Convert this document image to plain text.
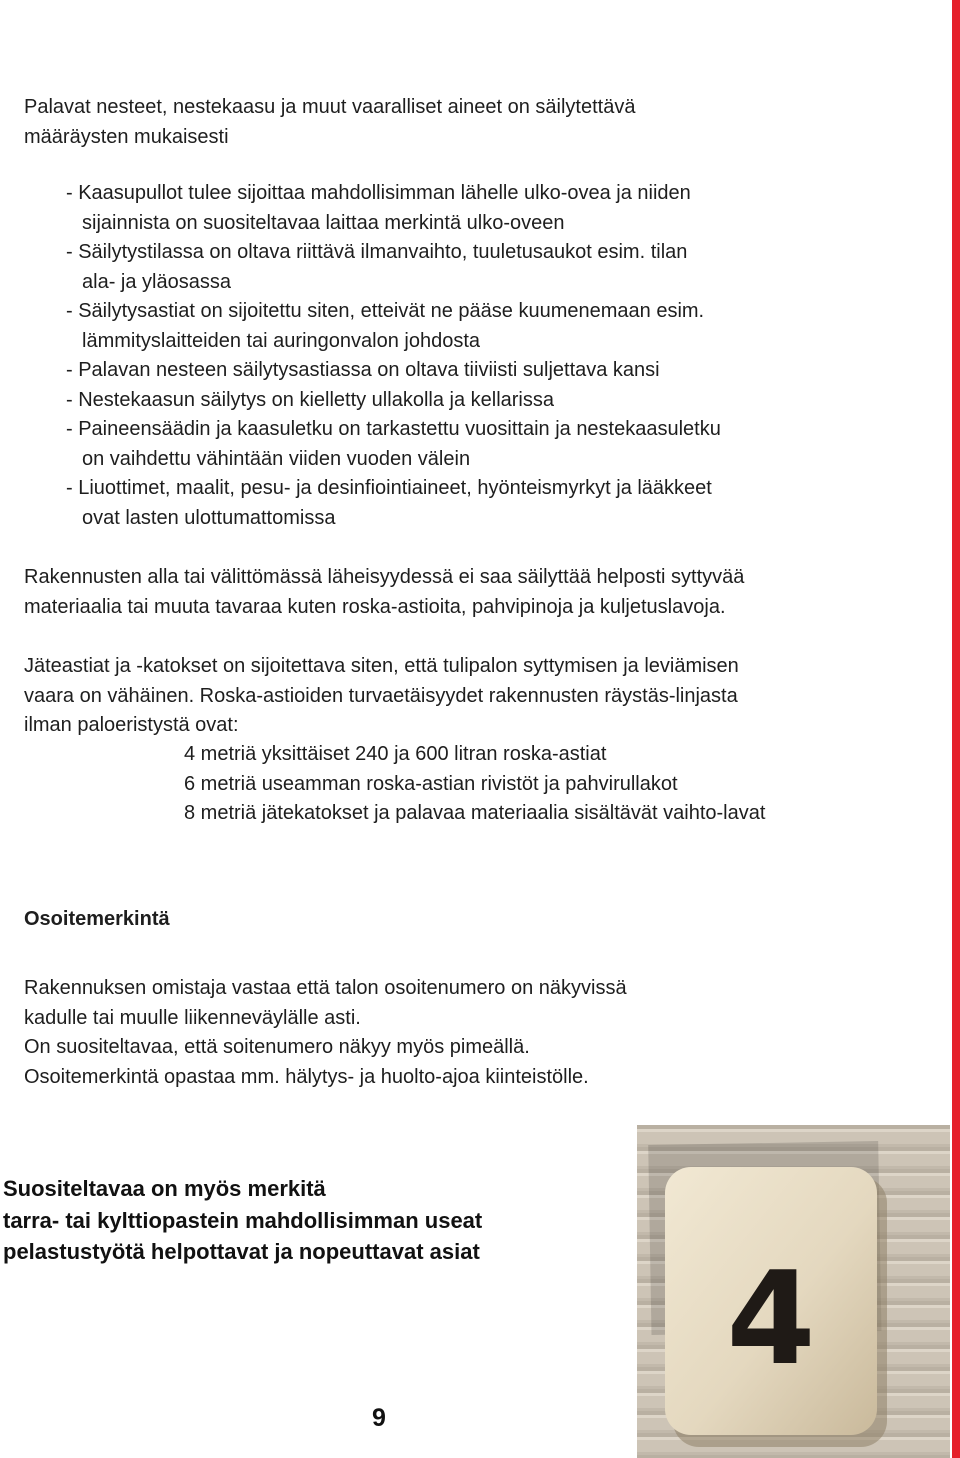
Palavat nesteet, nestekaasu ja muut vaaralliset aineet on säilytettävä

määräysten mukaisesti

- Kaasupullot tulee sijoittaa mahdollisimman lähelle ulko-ovea ja niiden
sijainnista on suositeltavaa laittaa merkintä ulko-oveen
- Säilytystilassa on oltava riittävä ilmanvaihto, tuuletusaukot esim. tilan
ala- ja yläosassa
- Säilytysastiat on sijoitettu siten, etteivät ne pääse kuumenemaan esim.
lämmityslaitteiden tai auringonvalon johdosta
- Palavan nesteen säilytysastiassa on oltava tiiviisti suljettava kansi
- Nestekaasun säilytys on kielletty ullakolla ja kellarissa
- Paineensäädin ja kaasuletku on tarkastettu vuosittain ja nestekaasuletku
on vaihdettu vähintään viiden vuoden välein
- Liuottimet, maalit, pesu- ja desinfiointiaineet, hyönteismyrkyt ja lääkkeet
ovat lasten ulottumattomissa

Rakennusten alla tai välittömässä läheisyydessä ei saa säilyttää helposti syttyvää
materiaalia tai muuta tavaraa kuten roska-astioita, pahvipinoja ja kuljetuslavoja.

Jäteastiat ja -katokset on sijoitettava siten, että tulipalon syttymisen ja leviämisen
vaara on vähäinen. Roska-astioiden turvaetäisyydet rakennusten räystäs-linjasta
ilman paloeristystä ovat:

4 metriä yksittäiset 240 ja 600 litran roska-astiat
6 metriä useamman roska-astian rivistöt ja pahvirullakot
8 metriä jätekatokset ja palavaa materiaalia sisältävät vaihto-lavat
Osoitemerkintä

Rakennuksen omistaja vastaa että talon osoitenumero on näkyvissä
kadulle tai muulle liikenneväylälle asti.
On suositeltavaa, että soitenumero näkyy myös pimeällä.
Osoitemerkintä opastaa mm. hälytys- ja huolto-ajoa kiinteistölle.

Suositeltavaa on myös merkitä
tarra- tai kylttiopastein mahdollisimman useat
pelastustyötä helpottavat ja nopeuttavat asiat 4
9
